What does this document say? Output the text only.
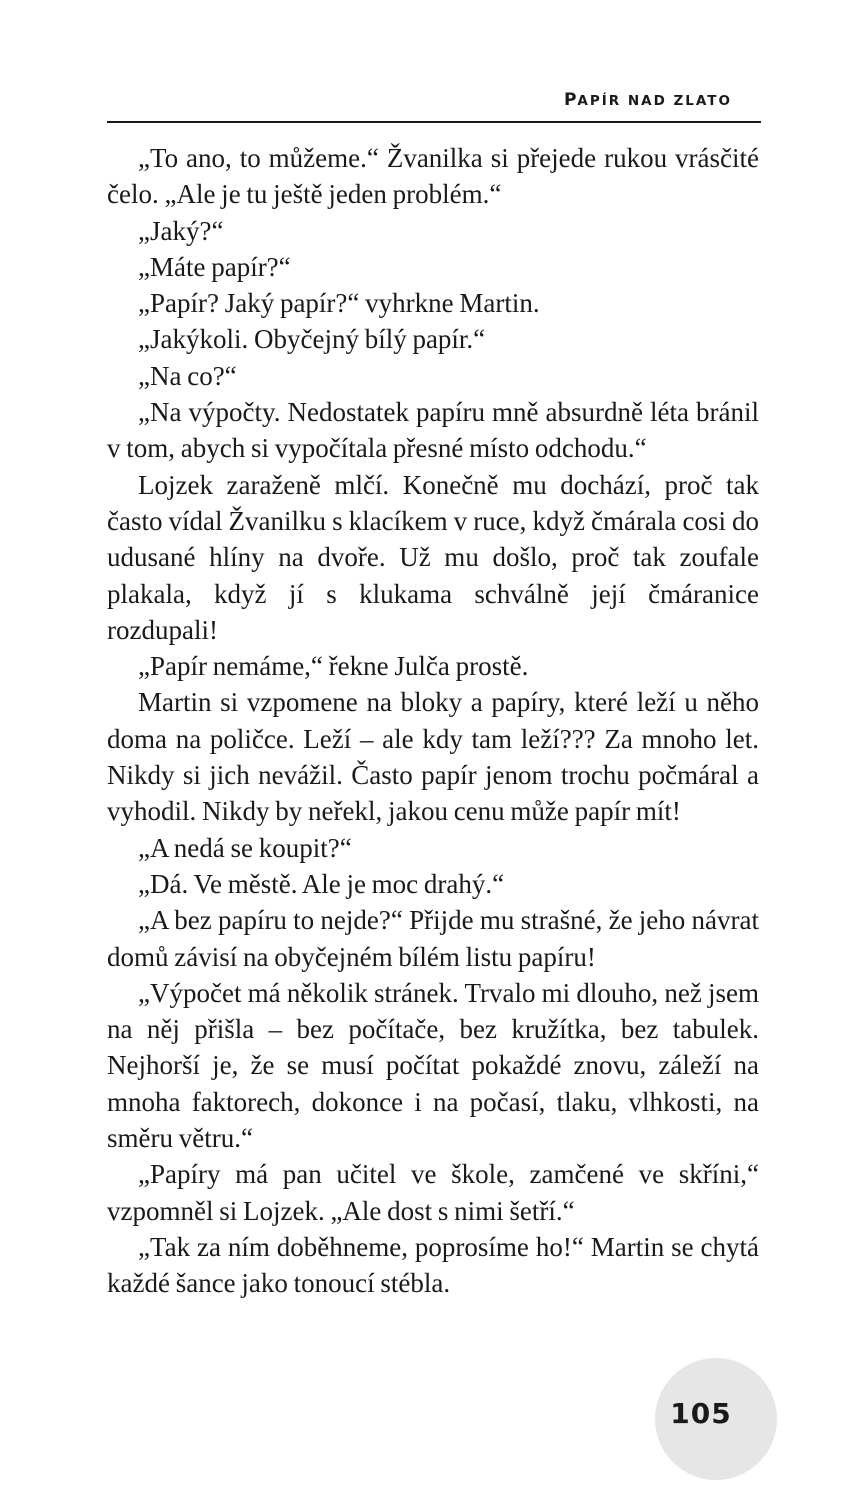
PAPÍR NAD ZLATO

„To ano, to můžeme.“ Žvanilka si přejede rukou vrásčité čelo. „Ale je tu ještě jeden problém.“

„Jaký?“

„Máte papír?“

„Papír? Jaký papír?“ vyhrkne Martin.

„Jakýkoli. Obyčejný bílý papír.“

„Na co?“

„Na výpočty. Nedostatek papíru mně absurdně léta bránil v tom, abych si vypočítala přesné místo odchodu.“

Lojzek zaraženě mlčí. Konečně mu dochází, proč tak často vídal Žvanilku s klacíkem v ruce, když čmárala cosi do udusané hlíny na dvoře. Už mu došlo, proč tak zoufale plakala, když jí s klukama schválně její čmáranice rozdupali!

„Papír nemáme,“ řekne Julča prostě.

Martin si vzpomene na bloky a papíry, které leží u něho doma na poličce. Leží – ale kdy tam leží??? Za mnoho let. Nikdy si jich nevážil. Často papír jenom trochu počmáral a vyhodil. Nikdy by neřekl, jakou cenu může papír mít!

„A nedá se koupit?“

„Dá. Ve městě. Ale je moc drahý.“

„A bez papíru to nejde?“ Přijde mu strašné, že jeho návrat domů závisí na obyčejném bílém listu papíru!

„Výpočet má několik stránek. Trvalo mi dlouho, než jsem na něj přišla – bez počítače, bez kružítka, bez tabulek. Nejhorší je, že se musí počítat pokaždé znovu, záleží na mnoha faktorech, dokonce i na počasí, tlaku, vlhkosti, na směru větru.“

„Papíry má pan učitel ve škole, zamčené ve skříni,“ vzpomněl si Lojzek. „Ale dost s nimi šetří.“

„Tak za ním doběhneme, poprosíme ho!“ Martin se chytá každé šance jako tonoucí stébla.

105
